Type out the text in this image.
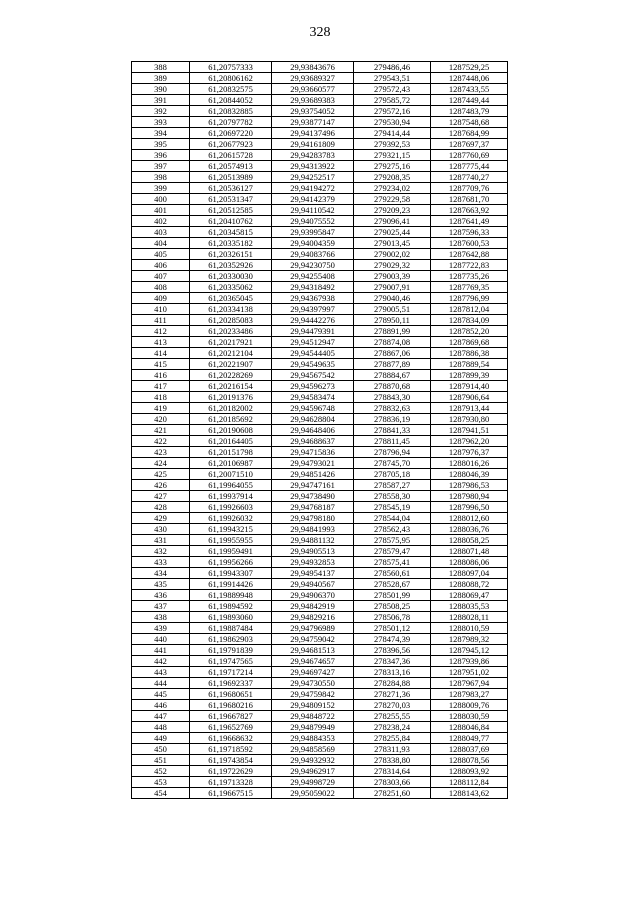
328
388	61,20757333	29,93843676	279486,46	1287529,25
389	61,20806162	29,93689327	279543,51	1287448,06
390	61,20832575	29,93660577	279572,43	1287433,55
391	61,20844052	29,93689383	279585,72	1287449,44
392	61,20832885	29,93754052	279572,16	1287483,79
393	61,20797782	29,93877147	279530,94	1287548,68
394	61,20697220	29,94137496	279414,44	1287684,99
395	61,20677923	29,94161809	279392,53	1287697,37
396	61,20615728	29,94283783	279321,15	1287760,69
397	61,20574913	29,94313922	279275,16	1287775,44
398	61,20513989	29,94252517	279208,35	1287740,27
399	61,20536127	29,94194272	279234,02	1287709,76
400	61,20531347	29,94142379	279229,58	1287681,70
401	61,20512585	29,94110542	279209,23	1287663,92
402	61,20410762	29,94075552	279096,41	1287641,49
403	61,20345815	29,93995847	279025,44	1287596,33
404	61,20335182	29,94004359	279013,45	1287600,53
405	61,20326151	29,94083766	279002,02	1287642,88
406	61,20352926	29,94230750	279029,32	1287722,83
407	61,20330030	29,94255408	279003,39	1287735,26
408	61,20335062	29,94318492	279007,91	1287769,35
409	61,20365045	29,94367938	279040,46	1287796,99
410	61,20334138	29,94397997	279005,51	1287812,04
411	61,20285083	29,94442276	278950,11	1287834,09
412	61,20233486	29,94479391	278891,99	1287852,20
413	61,20217921	29,94512947	278874,08	1287869,68
414	61,20212104	29,94544405	278867,06	1287886,38
415	61,20221907	29,94549635	278877,89	1287889,54
416	61,20228269	29,94567542	278884,67	1287899,39
417	61,20216154	29,94596273	278870,68	1287914,40
418	61,20191376	29,94583474	278843,30	1287906,64
419	61,20182002	29,94596748	278832,63	1287913,44
420	61,20185692	29,94628804	278836,19	1287930,80
421	61,20190608	29,94648406	278841,33	1287941,51
422	61,20164405	29,94688637	278811,45	1287962,20
423	61,20151798	29,94715836	278796,94	1287976,37
424	61,20106987	29,94793021	278745,70	1288016,26
425	61,20071510	29,94851426	278705,18	1288046,39
426	61,19964055	29,94747161	278587,27	1287986,53
427	61,19937914	29,94738490	278558,30	1287980,94
428	61,19926603	29,94768187	278545,19	1287996,50
429	61,19926032	29,94798180	278544,04	1288012,60
430	61,19943215	29,94841993	278562,43	1288036,76
431	61,19955955	29,94881132	278575,95	1288058,25
432	61,19959491	29,94905513	278579,47	1288071,48
433	61,19956266	29,94932853	278575,41	1288086,06
434	61,19943307	29,94954137	278560,61	1288097,04
435	61,19914426	29,94940567	278528,67	1288088,72
436	61,19889948	29,94906370	278501,99	1288069,47
437	61,19894592	29,94842919	278508,25	1288035,53
438	61,19893060	29,94829216	278506,78	1288028,11
439	61,19887484	29,94796989	278501,12	1288010,59
440	61,19862903	29,94759042	278474,39	1287989,32
441	61,19791839	29,94681513	278396,56	1287945,12
442	61,19747565	29,94674657	278347,36	1287939,86
443	61,19717214	29,94697427	278313,16	1287951,02
444	61,19692337	29,94730550	278284,88	1287967,94
445	61,19680651	29,94759842	278271,36	1287983,27
446	61,19680216	29,94809152	278270,03	1288009,76
447	61,19667827	29,94848722	278255,55	1288030,59
448	61,19652769	29,94879949	278238,24	1288046,84
449	61,19668632	29,94884353	278255,84	1288049,77
450	61,19718592	29,94858569	278311,93	1288037,69
451	61,19743854	29,94932932	278338,80	1288078,56
452	61,19722629	29,94962917	278314,64	1288093,92
453	61,19713328	29,94998729	278303,66	1288112,84
454	61,19667515	29,95059022	278251,60	1288143,62
